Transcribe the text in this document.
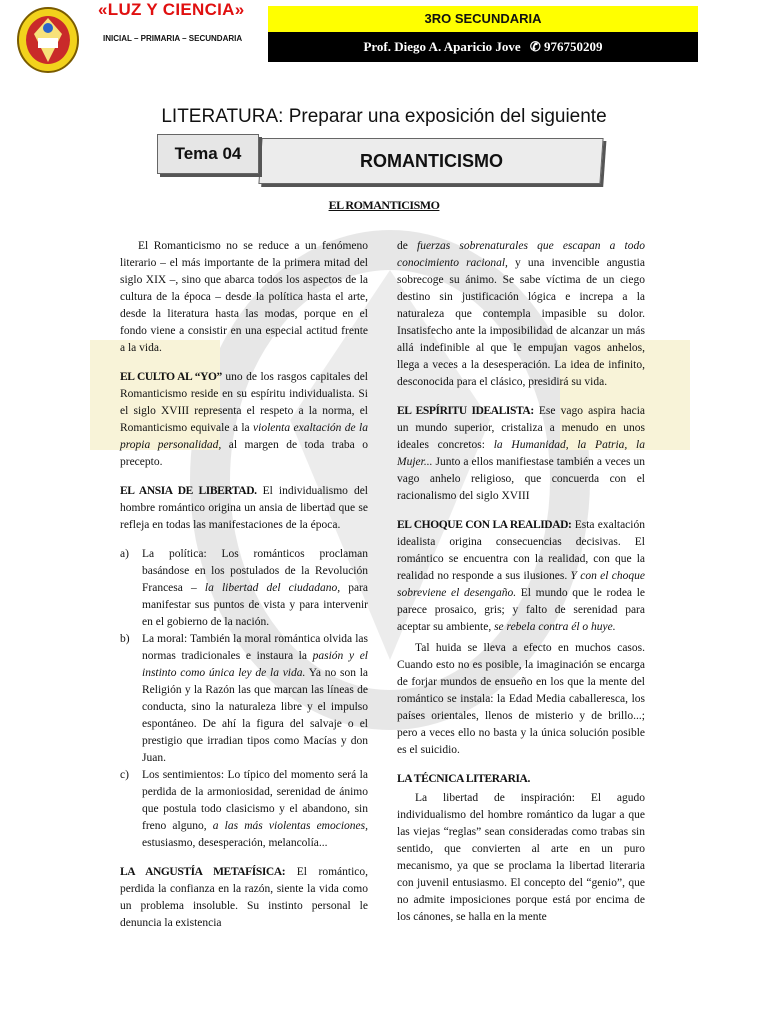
«LUZ Y CIENCIA»
INICIAL – PRIMARIA – SECUNDARIA
3RO SECUNDARIA
Prof. Diego A. Aparicio Jove ✆ 976750209
LITERATURA: Preparar una exposición del siguiente
ROMANTICISMO
Tema 04
EL ROMANTICISMO

El Romanticismo no se reduce a un fenómeno literario – el más importante de la primera mitad del siglo XIX –, sino que abarca todos los aspectos de la cultura de la época – desde la política hasta el arte, desde la literatura hasta las modas, porque en el fondo viene a consistir en una especial actitud frente a la vida.

EL CULTO AL “YO” uno de los rasgos capitales del Romanticismo reside en su espíritu individualista. Si el siglo XVIII representa el respeto a la norma, el Romanticismo equivale a la violenta exaltación de la propia personalidad, al margen de toda traba o precepto.

EL ANSIA DE LIBERTAD. El individualismo del hombre romántico origina un ansia de libertad que se refleja en todas las manifestaciones de la época.

a)	La política: Los románticos proclaman basándose en los postulados de la Revolución Francesa – la libertad del ciudadano, para manifestar sus puntos de vista y para intervenir en el gobierno de la nación.
b)	La moral: También la moral romántica olvida las normas tradicionales e instaura la pasión y el instinto como única ley de la vida. Ya no son la Religión y la Razón las que marcan las líneas de conducta, sino la naturaleza libre y el impulso espontáneo. De ahí la figura del salvaje o el prestigio que irradian tipos como Macías y don Juan.
c)	Los sentimientos: Lo típico del momento será la perdida de la armoniosidad, serenidad de ánimo que postula todo clasicismo y el abandono, sin freno alguno, a las más violentas emociones, estusiasmo, desesperación, melancolía...

LA ANGUSTÍA METAFÍSICA: El romántico, perdida la confianza en la razón, siente la vida como un problema insoluble. Su instinto personal le denuncia la existencia

de fuerzas sobrenaturales que escapan a todo conocimiento racional, y una invencible angustia sobrecoge su ánimo. Se sabe víctima de un ciego destino sin justificación lógica e increpa a la naturaleza que contempla impasible su dolor. Insatisfecho ante la imposibilidad de alcanzar un más allá indefinible al que le empujan vagos anhelos, llega a veces a la desesperación. La idea de infinito, desconocida para el clásico, presidirá su vida.

EL ESPÍRITU IDEALISTA: Ese vago aspira hacia un mundo superior, cristaliza a menudo en unos ideales concretos: la Humanidad, la Patria, la Mujer... Junto a ellos manifiestase también a veces un vago anhelo religioso, que concuerda con el racionalismo del siglo XVIII

EL CHOQUE CON LA REALIDAD: Esta exaltación idealista origina consecuencias decisivas. El romántico se encuentra con la realidad, con que la realidad no responde a sus ilusiones. Y con el choque sobreviene el desengaño. El mundo que le rodea le parece prosaico, gris; y falto de serenidad para aceptar su ambiente, se rebela contra él o huye.

Tal huida se lleva a efecto en muchos casos. Cuando esto no es posible, la imaginación se encarga de forjar mundos de ensueño en los que la mente del romántico se instala: la Edad Media caballeresca, los países orientales, llenos de misterio y de brillo...; pero a veces ello no basta y la única solución posible es el suicidio.

LA TÉCNICA LITERARIA.

La libertad de inspiración: El agudo individualismo del hombre romántico da lugar a que las viejas “reglas” sean consideradas como trabas sin sentido, que convierten al arte en un puro mecanismo, ya que se proclama la libertad literaria con juvenil entusiasmo. El concepto del “genio”, que no admite imposiciones porque está por encima de los cánones, se halla en la mente
